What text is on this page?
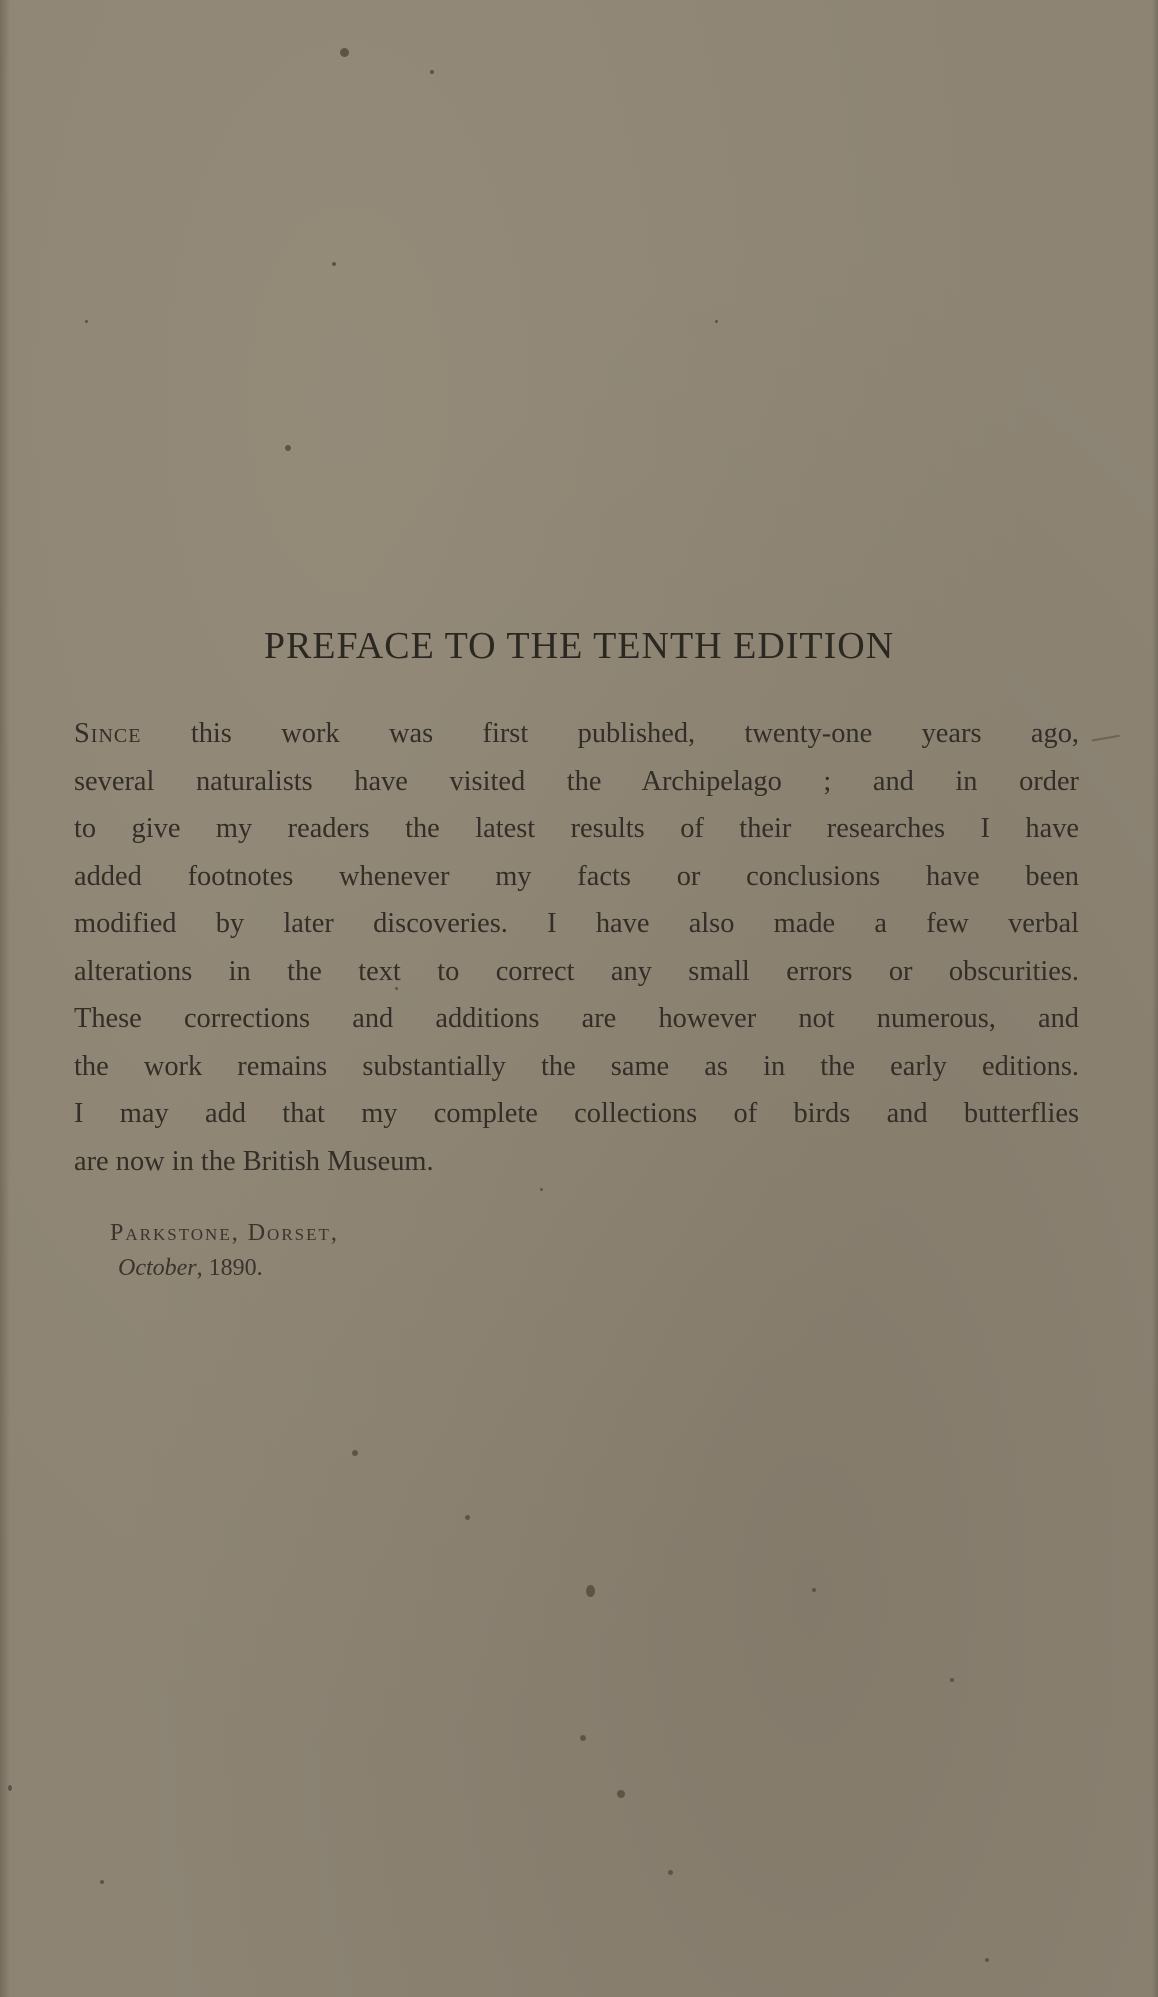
PREFACE TO THE TENTH EDITION
Since this work was first published, twenty-one years ago,
several naturalists have visited the Archipelago ; and in order
to give my readers the latest results of their researches I have
added footnotes whenever my facts or conclusions have been
modified by later discoveries. I have also made a few verbal
alterations in the text to correct any small errors or obscurities.
These corrections and additions are however not numerous, and
the work remains substantially the same as in the early editions.
I may add that my complete collections of birds and butterflies
are now in the British Museum.
Parkstone, Dorset,
October, 1890.
